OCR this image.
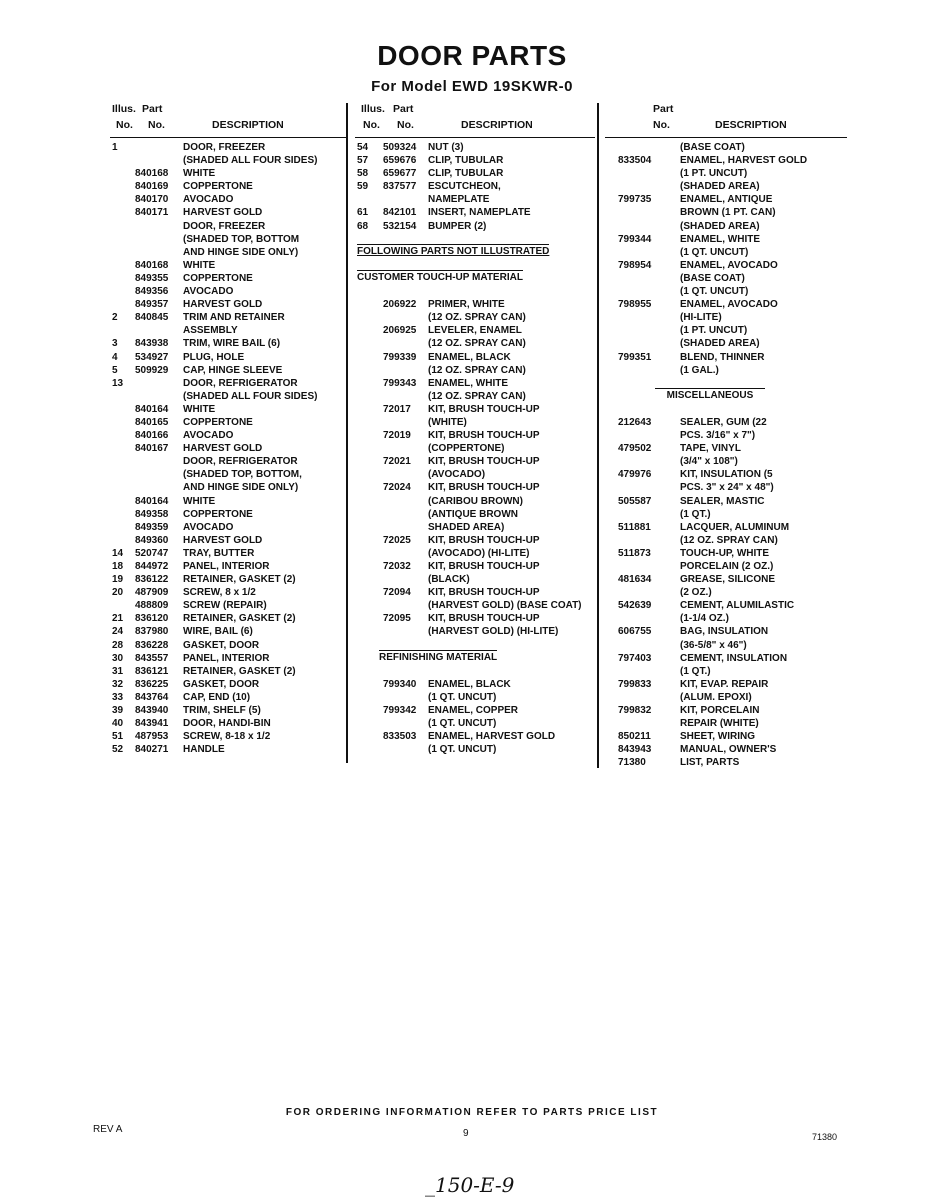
DOOR PARTS
For Model EWD 19SKWR-0
Illus. Part
No. No.	DESCRIPTION
1	DOOR, FREEZER
(SHADED ALL FOUR SIDES)
840168 WHITE
840169 COPPERTONE
840170 AVOCADO
840171 HARVEST GOLD
DOOR, FREEZER
(SHADED TOP, BOTTOM
AND HINGE SIDE ONLY)
840168 WHITE
849355 COPPERTONE
849356 AVOCADO
849357 HARVEST GOLD
2 840845 TRIM AND RETAINER
ASSEMBLY
3 843938 TRIM, WIRE BAIL (6)
4 534927 PLUG, HOLE
5 509929 CAP, HINGE SLEEVE
13	DOOR, REFRIGERATOR
(SHADED ALL FOUR SIDES)
840164 WHITE
840165 COPPERTONE
840166 AVOCADO
840167 HARVEST GOLD
DOOR, REFRIGERATOR
(SHADED TOP, BOTTOM,
AND HINGE SIDE ONLY)
840164 WHITE
849358 COPPERTONE
849359 AVOCADO
849360 HARVEST GOLD
14 520747 TRAY, BUTTER
18 844972 PANEL, INTERIOR
19 836122 RETAINER, GASKET (2)
20 487909 SCREW, 8 x 1/2
488809 SCREW (REPAIR)
21 836120 RETAINER, GASKET (2)
24 837980 WIRE, BAIL (6)
28 836228 GASKET, DOOR
30 843557 PANEL, INTERIOR
31 836121 RETAINER, GASKET (2)
32 836225 GASKET, DOOR
33 843764 CAP, END (10)
39 843940 TRIM, SHELF (5)
40 843941 DOOR, HANDI-BIN
51 487953 SCREW, 8-18 x 1/2
52 840271 HANDLE
Illus. Part
No. No.	DESCRIPTION
54 509324 NUT (3)
57 659676 CLIP, TUBULAR
58 659677 CLIP, TUBULAR
59 837577 ESCUTCHEON,
NAMEPLATE
61 842101 INSERT, NAMEPLATE
68 532154 BUMPER (2)
FOLLOWING PARTS NOT ILLUSTRATED
CUSTOMER TOUCH-UP MATERIAL
206922 PRIMER, WHITE
(12 OZ. SPRAY CAN)
206925 LEVELER, ENAMEL
(12 OZ. SPRAY CAN)
799339 ENAMEL, BLACK
(12 OZ. SPRAY CAN)
799343 ENAMEL, WHITE
(12 OZ. SPRAY CAN)
72017 KIT, BRUSH TOUCH-UP
(WHITE)
72019 KIT, BRUSH TOUCH-UP
(COPPERTONE)
72021 KIT, BRUSH TOUCH-UP
(AVOCADO)
72024 KIT, BRUSH TOUCH-UP
(CARIBOU BROWN)
(ANTIQUE BROWN
SHADED AREA)
72025 KIT, BRUSH TOUCH-UP
(AVOCADO) (HI-LITE)
72032 KIT, BRUSH TOUCH-UP
(BLACK)
72094 KIT, BRUSH TOUCH-UP
(HARVEST GOLD) (BASE COAT)
72095 KIT, BRUSH TOUCH-UP
(HARVEST GOLD) (HI-LITE)
REFINISHING MATERIAL
799340 ENAMEL, BLACK
(1 QT. UNCUT)
799342 ENAMEL, COPPER
(1 QT. UNCUT)
833503 ENAMEL, HARVEST GOLD
(1 QT. UNCUT)
Part
No.	DESCRIPTION
(BASE COAT)
833504	ENAMEL, HARVEST GOLD
(1 PT. UNCUT)
(SHADED AREA)
799735	ENAMEL, ANTIQUE
BROWN (1 PT. CAN)
(SHADED AREA)
799344	ENAMEL, WHITE
(1 QT. UNCUT)
798954	ENAMEL, AVOCADO
(BASE COAT)
(1 QT. UNCUT)
798955	ENAMEL, AVOCADO
(HI-LITE)
(1 PT. UNCUT)
(SHADED AREA)
799351	BLEND, THINNER
(1 GAL.)
MISCELLANEOUS
212643	SEALER, GUM (22
PCS. 3/16" x 7")
479502	TAPE, VINYL
(3/4" x 108")
479976	KIT, INSULATION (5
PCS. 3" x 24" x 48")
505587	SEALER, MASTIC
(1 QT.)
511881	LACQUER, ALUMINUM
(12 OZ. SPRAY CAN)
511873	TOUCH-UP, WHITE
PORCELAIN (2 OZ.)
481634	GREASE, SILICONE
(2 OZ.)
542639	CEMENT, ALUMILASTIC
(1-1/4 OZ.)
606755	BAG, INSULATION
(36-5/8" x 46")
797403	CEMENT, INSULATION
(1 QT.)
799833	KIT, EVAP. REPAIR
(ALUM. EPOXI)
799832	KIT, PORCELAIN
REPAIR (WHITE)
850211	SHEET, WIRING
843943	MANUAL, OWNER'S
71380	LIST, PARTS
FOR ORDERING INFORMATION REFER TO PARTS PRICE LIST
REV A	9	71380
_150-E-9
